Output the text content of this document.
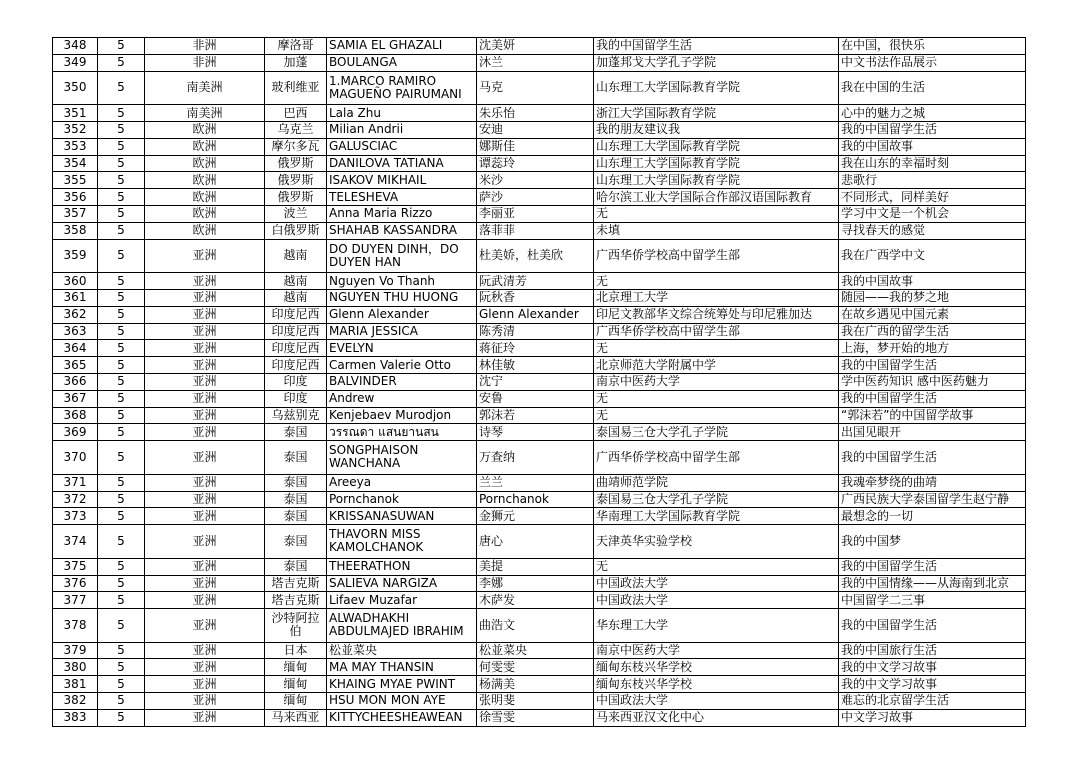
348	5	非洲	摩洛哥	SAMIA EL GHAZALI	沈美妍	我的中国留学生活	在中国，很快乐
349	5	非洲	加蓬	BOULANGA	沐兰	加蓬邦戈大学孔子学院	中文书法作品展示
350	5	南美洲	玻利维亚	1.MARCO RAMIRO MAGUEÑO PAIRUMANI	马克	山东理工大学国际教育学院	我在中国的生活
351	5	南美洲	巴西	Lala Zhu	朱乐怡	浙江大学国际教育学院	心中的魅力之城
352	5	欧洲	乌克兰	Milian Andrii	安迪	我的朋友建议我	我的中国留学生活
353	5	欧洲	摩尔多瓦	GALUSCIAC	娜斯佳	山东理工大学国际教育学院	我的中国故事
354	5	欧洲	俄罗斯	DANILOVA TATIANA	谭蕊玲	山东理工大学国际教育学院	我在山东的幸福时刻
355	5	欧洲	俄罗斯	ISAKOV MIKHAIL	米沙	山东理工大学国际教育学院	悲歌行
356	5	欧洲	俄罗斯	TELESHEVA	萨沙	哈尔滨工业大学国际合作部汉语国际教育	不同形式，同样美好
357	5	欧洲	波兰	Anna Maria Rizzo	李丽亚	无	学习中文是一个机会
358	5	欧洲	白俄罗斯	SHAHAB KASSANDRA	落菲菲	未填	寻找春天的感觉
359	5	亚洲	越南	DO DUYEN DINH，DO DUYEN HAN	杜美娇，杜美欣	广西华侨学校高中留学生部	我在广西学中文
360	5	亚洲	越南	Nguyen Vo Thanh	阮武清芳	无	我的中国故事
361	5	亚洲	越南	NGUYEN THU HUONG	阮秋香	北京理工大学	随园——我的梦之地
362	5	亚洲	印度尼西	Glenn Alexander	Glenn Alexander	印尼文教部华文综合统筹处与印尼雅加达	在故乡遇见中国元素
363	5	亚洲	印度尼西	MARIA JESSICA	陈秀清	广西华侨学校高中留学生部	我在广西的留学生活
364	5	亚洲	印度尼西	EVELYN	蒋征玲	无	上海，梦开始的地方
365	5	亚洲	印度尼西	Carmen Valerie Otto	林佳敏	北京师范大学附属中学	我的中国留学生活
366	5	亚洲	印度	BALVINDER	沈宁	南京中医药大学	学中医药知识 感中医药魅力
367	5	亚洲	印度	Andrew	安鲁	无	我的中国留学生活
368	5	亚洲	乌兹别克	Kenjebaev Murodjon	郭沫若	无	“郭沫若”的中国留学故事
369	5	亚洲	泰国	วรรณดา แสนยานสน	诗琴	泰国易三仓大学孔子学院	出国见眼开
370	5	亚洲	泰国	SONGPHAISON WANCHANA	万查纳	广西华侨学校高中留学生部	我的中国留学生活
371	5	亚洲	泰国	Areeya	兰兰	曲靖师范学院	我魂牵梦绕的曲靖
372	5	亚洲	泰国	Pornchanok	Pornchanok	泰国易三仓大学孔子学院	广西民族大学泰国留学生赵宁静
373	5	亚洲	泰国	KRISSANASUWAN	金狮元	华南理工大学国际教育学院	最想念的一切
374	5	亚洲	泰国	THAVORN MISS KAMOLCHANOK	唐心	天津英华实验学校	我的中国梦
375	5	亚洲	泰国	THEERATHON	美提	无	我的中国留学生活
376	5	亚洲	塔吉克斯	SALIEVA NARGIZA	李娜	中国政法大学	我的中国情缘——从海南到北京
377	5	亚洲	塔吉克斯	Lifaev Muzafar	木萨发	中国政法大学	中国留学二三事
378	5	亚洲	沙特阿拉伯	ALWADHAKHI ABDULMAJED IBRAHIM	曲浩文	华东理工大学	我的中国留学生活
379	5	亚洲	日本	松並菜央	松並菜央	南京中医药大学	我的中国旅行生活
380	5	亚洲	缅甸	MA MAY THANSIN	何雯雯	缅甸东枝兴华学校	我的中文学习故事
381	5	亚洲	缅甸	KHAING MYAE PWINT	杨满美	缅甸东枝兴华学校	我的中文学习故事
382	5	亚洲	缅甸	HSU MON MON AYE	张明斐	中国政法大学	难忘的北京留学生活
383	5	亚洲	马来西亚	KITTYCHEESHEAWEAN	徐雪雯	马来西亚汉文化中心	中文学习故事
